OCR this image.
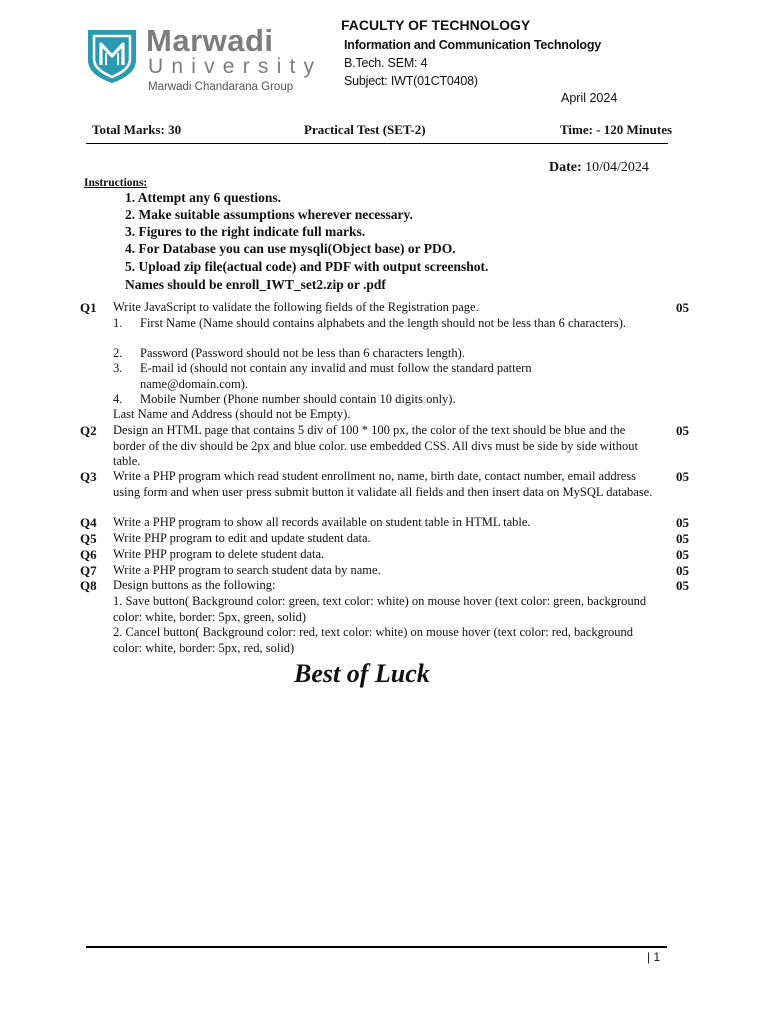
Marwadi
University
Marwadi Chandarana Group
FACULTY OF TECHNOLOGY
Information and Communication Technology
B.Tech. SEM: 4
Subject: IWT(01CT0408)
April 2024
Total Marks: 30	Practical Test (SET-2)	Time: - 120 Minutes
Date: 10/04/2024
Instructions:
1. Attempt any 6 questions.
2. Make suitable assumptions wherever necessary.
3. Figures to the right indicate full marks.
4. For Database you can use mysqli(Object base) or PDO.
5. Upload zip file(actual code) and PDF with output screenshot.
Names should be enroll_IWT_set2.zip or .pdf
Q1 Write JavaScript to validate the following fields of the Registration page.	05
1. First Name (Name should contains alphabets and the length should not be less than 6 characters).
2. Password (Password should not be less than 6 characters length).
3. E-mail id (should not contain any invalid and must follow the standard pattern name@domain.com).
4. Mobile Number (Phone number should contain 10 digits only).
Last Name and Address (should not be Empty).
Q2 Design an HTML page that contains 5 div of 100 * 100 px, the color of the text should be blue and the border of the div should be 2px and blue color. use embedded CSS. All divs must be side by side without table.
05
Q3 Write a PHP program which read student enrollment no, name, birth date, contact number, email address using form and when user press submit button it validate all fields and then insert data on MySQL database.
05
Q4 Write a PHP program to show all records available on student table in HTML table.	05
Q5 Write PHP program to edit and update student data.	05
Q6 Write PHP program to delete student data.	05
Q7 Write a PHP program to search student data by name.	05
Q8 Design buttons as the following:	05
1. Save button( Background color: green, text color: white) on mouse hover (text color: green, background color: white, border: 5px, green, solid)
2. Cancel button( Background color: red, text color: white) on mouse hover (text color: red, background color: white, border: 5px, red, solid)
Best of Luck
| 1
